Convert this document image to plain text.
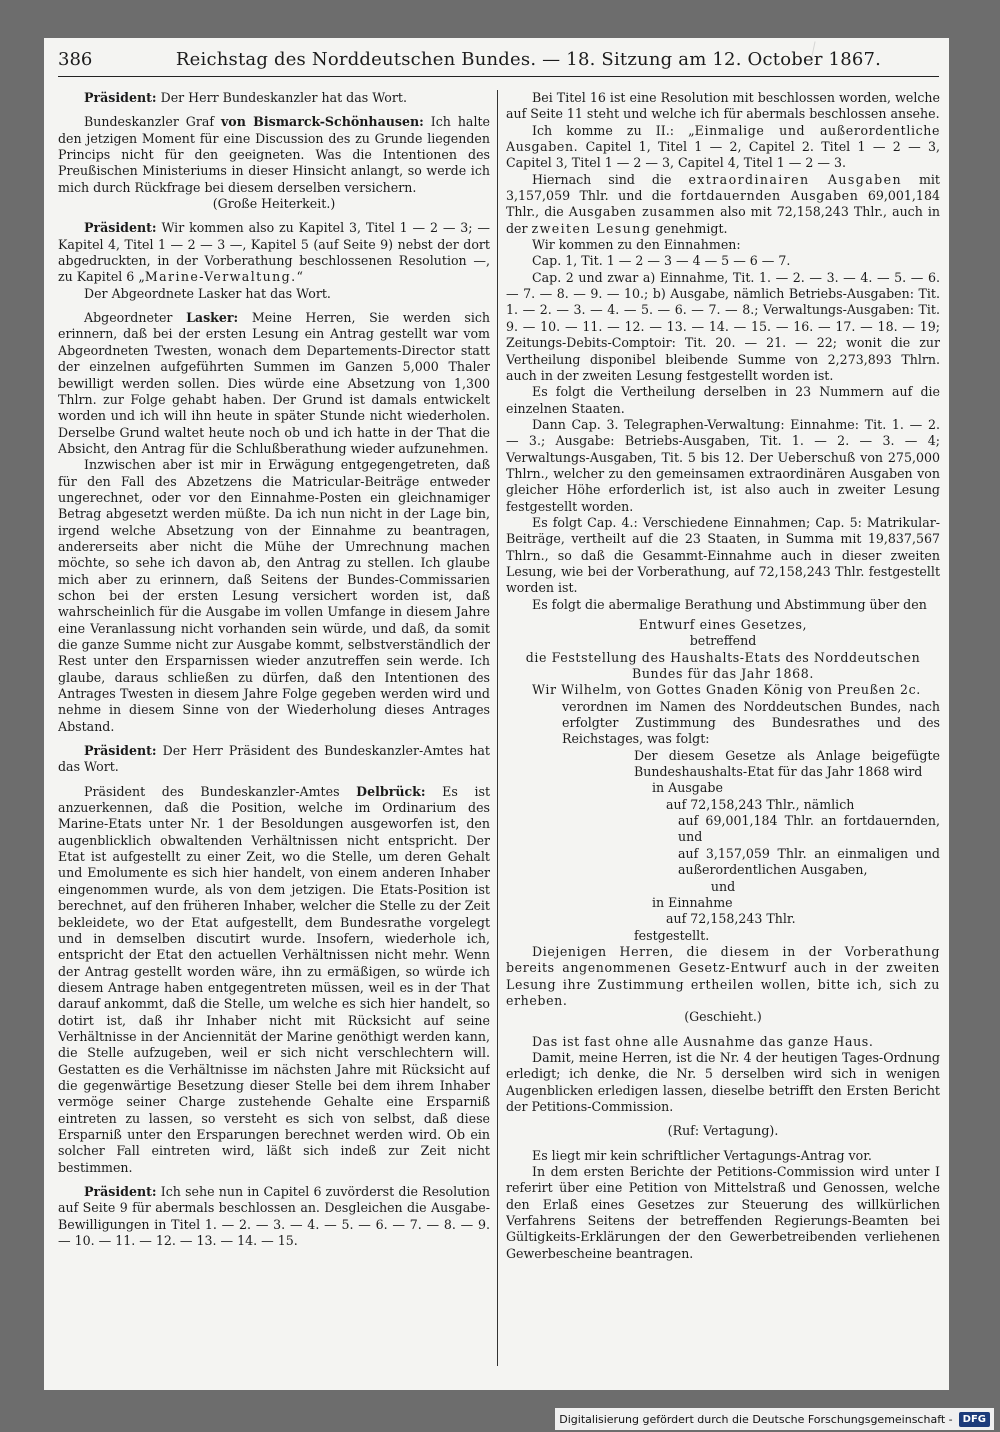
386	Reichstag des Norddeutschen Bundes. — 18. Sitzung am 12. October 1867.

Präsident: Der Herr Bundeskanzler hat das Wort.

Bundeskanzler Graf von Bismarck-Schönhausen: Ich halte den jetzigen Moment für eine Discussion des zu Grunde liegenden Princips nicht für den geeigneten. Was die Intentionen des Preußischen Ministeriums in dieser Hinsicht anlangt, so werde ich mich durch Rückfrage bei diesem derselben versichern.

(Große Heiterkeit.)

Präsident: Wir kommen also zu Kapitel 3, Titel 1 — 2 — 3; — Kapitel 4, Titel 1 — 2 — 3 —, Kapitel 5 (auf Seite 9) nebst der dort abgedruckten, in der Vorberathung beschlossenen Resolution —, zu Kapitel 6 „Marine-Verwaltung.“

Der Abgeordnete Lasker hat das Wort.

Abgeordneter Lasker: Meine Herren, Sie werden sich erinnern, daß bei der ersten Lesung ein Antrag gestellt war vom Abgeordneten Twesten, wonach dem Departements-Director statt der einzelnen aufgeführten Summen im Ganzen 5,000 Thaler bewilligt werden sollen. Dies würde eine Absetzung von 1,300 Thlrn. zur Folge gehabt haben. Der Grund ist damals entwickelt worden und ich will ihn heute in später Stunde nicht wiederholen. Derselbe Grund waltet heute noch ob und ich hatte in der That die Absicht, den Antrag für die Schlußberathung wieder aufzunehmen.

Inzwischen aber ist mir in Erwägung entgegengetreten, daß für den Fall des Abzetzens die Matricular-Beiträge entweder ungerechnet, oder vor den Einnahme-Posten ein gleichnamiger Betrag abgesetzt werden müßte. Da ich nun nicht in der Lage bin, irgend welche Absetzung von der Einnahme zu beantragen, andererseits aber nicht die Mühe der Umrechnung machen möchte, so sehe ich davon ab, den Antrag zu stellen. Ich glaube mich aber zu erinnern, daß Seitens der Bundes-Commissarien schon bei der ersten Lesung versichert worden ist, daß wahrscheinlich für die Ausgabe im vollen Umfange in diesem Jahre eine Veranlassung nicht vorhanden sein würde, und daß, da somit die ganze Summe nicht zur Ausgabe kommt, selbstverständlich der Rest unter den Ersparnissen wieder anzutreffen sein werde. Ich glaube, daraus schließen zu dürfen, daß den Intentionen des Antrages Twesten in diesem Jahre Folge gegeben werden wird und nehme in diesem Sinne von der Wiederholung dieses Antrages Abstand.

Präsident: Der Herr Präsident des Bundeskanzler-Amtes hat das Wort.

Präsident des Bundeskanzler-Amtes Delbrück: Es ist anzuerkennen, daß die Position, welche im Ordinarium des Marine-Etats unter Nr. 1 der Besoldungen ausgeworfen ist, den augenblicklich obwaltenden Verhältnissen nicht entspricht. Der Etat ist aufgestellt zu einer Zeit, wo die Stelle, um deren Gehalt und Emolumente es sich hier handelt, von einem anderen Inhaber eingenommen wurde, als von dem jetzigen. Die Etats-Position ist berechnet, auf den früheren Inhaber, welcher die Stelle zu der Zeit bekleidete, wo der Etat aufgestellt, dem Bundesrathe vorgelegt und in demselben discutirt wurde. Insofern, wiederhole ich, entspricht der Etat den actuellen Verhältnissen nicht mehr. Wenn der Antrag gestellt worden wäre, ihn zu ermäßigen, so würde ich diesem Antrage haben entgegentreten müssen, weil es in der That darauf ankommt, daß die Stelle, um welche es sich hier handelt, so dotirt ist, daß ihr Inhaber nicht mit Rücksicht auf seine Verhältnisse in der Anciennität der Marine genöthigt werden kann, die Stelle aufzugeben, weil er sich nicht verschlechtern will. Gestatten es die Verhältnisse im nächsten Jahre mit Rücksicht auf die gegenwärtige Besetzung dieser Stelle bei dem ihrem Inhaber vermöge seiner Charge zustehende Gehalte eine Ersparniß eintreten zu lassen, so versteht es sich von selbst, daß diese Ersparniß unter den Ersparungen berechnet werden wird. Ob ein solcher Fall eintreten wird, läßt sich indeß zur Zeit nicht bestimmen.

Präsident: Ich sehe nun in Capitel 6 zuvörderst die Resolution auf Seite 9 für abermals beschlossen an. Desgleichen die Ausgabe-Bewilligungen in Titel 1. — 2. — 3. — 4. — 5. — 6. — 7. — 8. — 9. — 10. — 11. — 12. — 13. — 14. — 15.

Bei Titel 16 ist eine Resolution mit beschlossen worden, welche auf Seite 11 steht und welche ich für abermals beschlossen ansehe.

Ich komme zu II.: „Einmalige und außerordentliche Ausgaben. Capitel 1, Titel 1 — 2, Capitel 2. Titel 1 — 2 — 3, Capitel 3, Titel 1 — 2 — 3, Capitel 4, Titel 1 — 2 — 3.

Hiernach sind die extraordinairen Ausgaben mit 3,157,059 Thlr. und die fortdauernden Ausgaben 69,001,184 Thlr., die Ausgaben zusammen also mit 72,158,243 Thlr., auch in der zweiten Lesung genehmigt.

Wir kommen zu den Einnahmen:

Cap. 1, Tit. 1 — 2 — 3 — 4 — 5 — 6 — 7.

Cap. 2 und zwar a) Einnahme, Tit. 1. — 2. — 3. — 4. — 5. — 6. — 7. — 8. — 9. — 10.; b) Ausgabe, nämlich Betriebs-Ausgaben: Tit. 1. — 2. — 3. — 4. — 5. — 6. — 7. — 8.; Verwaltungs-Ausgaben: Tit. 9. — 10. — 11. — 12. — 13. — 14. — 15. — 16. — 17. — 18. — 19; Zeitungs-Debits-Comptoir: Tit. 20. — 21. — 22; wonit die zur Vertheilung disponibel bleibende Summe von 2,273,893 Thlrn. auch in der zweiten Lesung festgestellt worden ist.

Es folgt die Vertheilung derselben in 23 Nummern auf die einzelnen Staaten.

Dann Cap. 3. Telegraphen-Verwaltung: Einnahme: Tit. 1. — 2. — 3.; Ausgabe: Betriebs-Ausgaben, Tit. 1. — 2. — 3. — 4; Verwaltungs-Ausgaben, Tit. 5 bis 12. Der Ueberschuß von 275,000 Thlrn., welcher zu den gemeinsamen extraordinären Ausgaben von gleicher Höhe erforderlich ist, ist also auch in zweiter Lesung festgestellt worden.

Es folgt Cap. 4.: Verschiedene Einnahmen; Cap. 5: Matrikular-Beiträge, vertheilt auf die 23 Staaten, in Summa mit 19,837,567 Thlrn., so daß die Gesammt-Einnahme auch in dieser zweiten Lesung, wie bei der Vorberathung, auf 72,158,243 Thlr. festgestellt worden ist.

Es folgt die abermalige Berathung und Abstimmung über den

Entwurf eines Gesetzes,

betreffend

die Feststellung des Haushalts-Etats des Norddeutschen Bundes für das Jahr 1868.

Wir Wilhelm, von Gottes Gnaden König von Preußen 2c.

verordnen im Namen des Norddeutschen Bundes, nach erfolgter Zustimmung des Bundesrathes und des Reichstages, was folgt:

Der diesem Gesetze als Anlage beigefügte Bundeshaushalts-Etat für das Jahr 1868 wird

in Ausgabe

auf 72,158,243 Thlr., nämlich

auf 69,001,184 Thlr. an fortdauernden, und

auf 3,157,059 Thlr. an einmaligen und außerordentlichen Ausgaben,

und

in Einnahme

auf 72,158,243 Thlr.

festgestellt.

Diejenigen Herren, die diesem in der Vorberathung bereits angenommenen Gesetz-Entwurf auch in der zweiten Lesung ihre Zustimmung ertheilen wollen, bitte ich, sich zu erheben.

(Geschieht.)

Das ist fast ohne alle Ausnahme das ganze Haus.

Damit, meine Herren, ist die Nr. 4 der heutigen Tages-Ordnung erledigt; ich denke, die Nr. 5 derselben wird sich in wenigen Augenblicken erledigen lassen, dieselbe betrifft den Ersten Bericht der Petitions-Commission.

(Ruf: Vertagung).

Es liegt mir kein schriftlicher Vertagungs-Antrag vor.

In dem ersten Berichte der Petitions-Commission wird unter I referirt über eine Petition von Mittelstraß und Genossen, welche den Erlaß eines Gesetzes zur Steuerung des willkürlichen Verfahrens Seitens der betreffenden Regierungs-Beamten bei Gültigkeits-Erklärungen der den Gewerbetreibenden verliehenen Gewerbescheine beantragen.

Digitalisierung gefördert durch die Deutsche Forschungsgemeinschaft -	DFG
